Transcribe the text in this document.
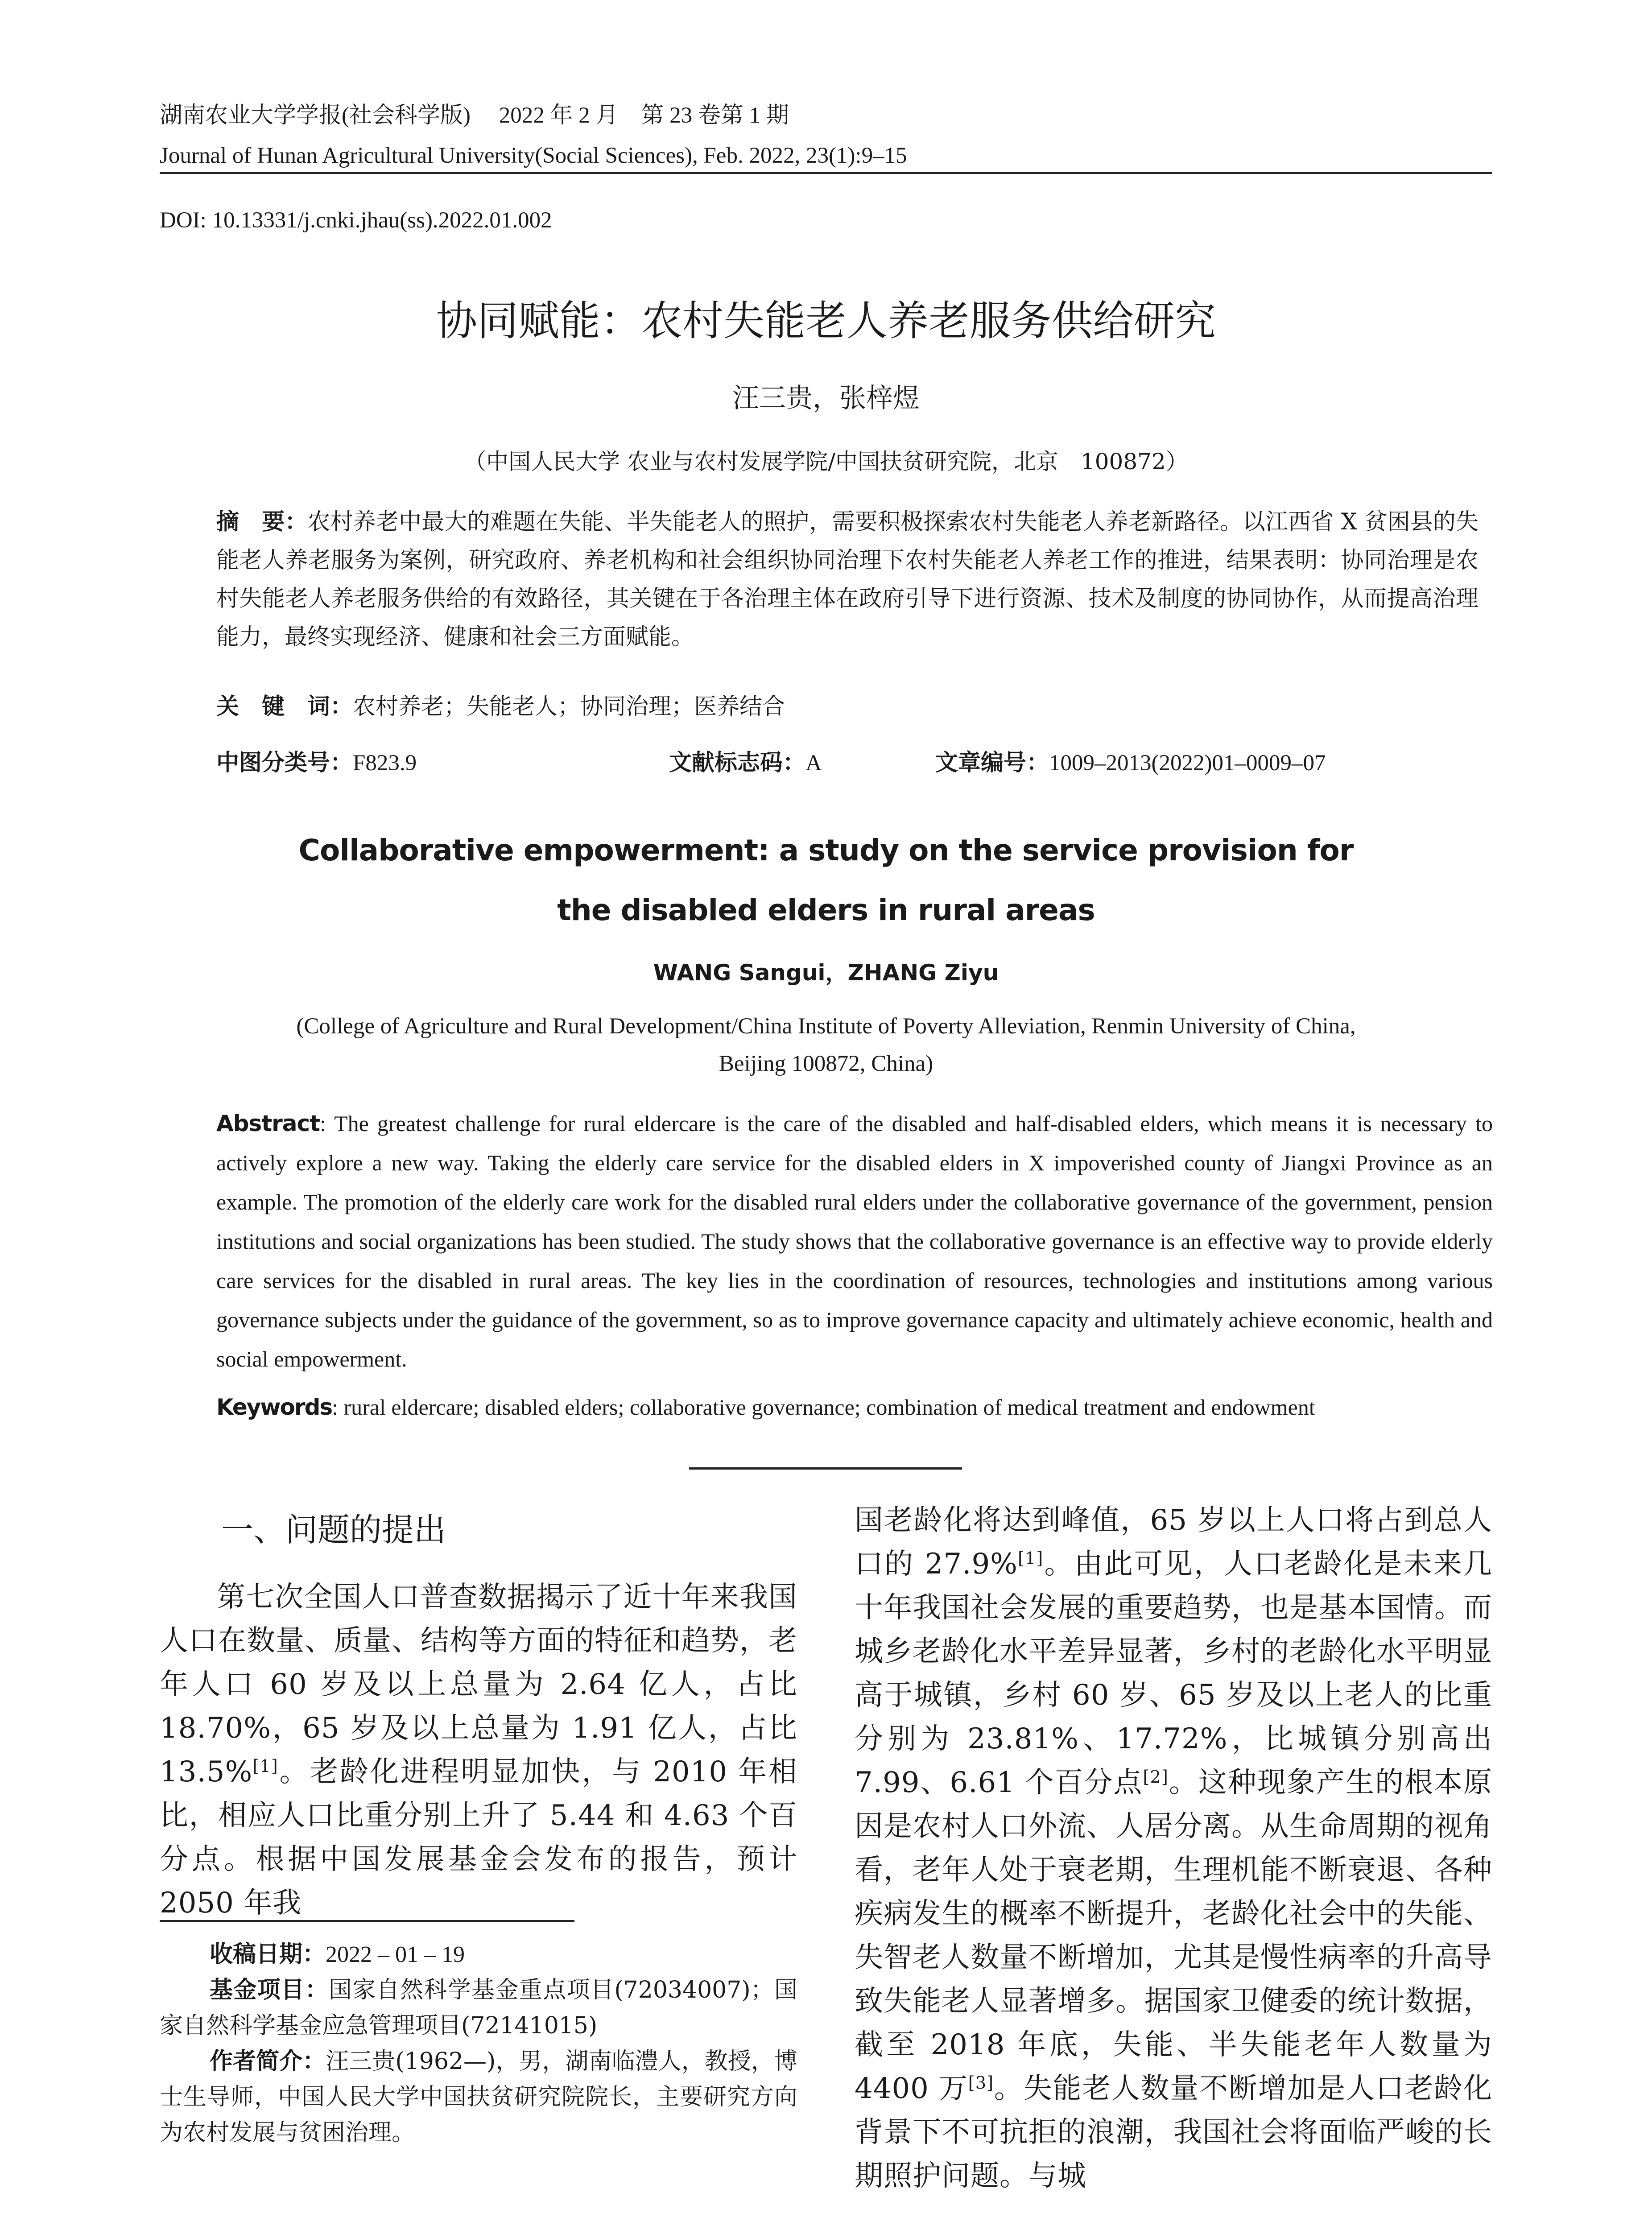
湖南农业大学学报(社会科学版)　 2022 年 2 月　第 23 卷第 1 期
Journal of Hunan Agricultural University(Social Sciences), Feb. 2022, 23(1):9–15
DOI: 10.13331/j.cnki.jhau(ss).2022.01.002
协同赋能：农村失能老人养老服务供给研究
汪三贵，张梓煜
（中国人民大学 农业与农村发展学院/中国扶贫研究院，北京　100872）
摘　要：农村养老中最大的难题在失能、半失能老人的照护，需要积极探索农村失能老人养老新路径。以江西省 X 贫困县的失能老人养老服务为案例，研究政府、养老机构和社会组织协同治理下农村失能老人养老工作的推进，结果表明：协同治理是农村失能老人养老服务供给的有效路径，其关键在于各治理主体在政府引导下进行资源、技术及制度的协同协作，从而提高治理能力，最终实现经济、健康和社会三方面赋能。
关　键　词：农村养老；失能老人；协同治理；医养结合
中图分类号：F823.9	文献标志码：A	文章编号：1009–2013(2022)01–0009–07
Collaborative empowerment: a study on the service provision for
the disabled elders in rural areas
WANG Sangui，ZHANG Ziyu
(College of Agriculture and Rural Development/China Institute of Poverty Alleviation, Renmin University of China,
Beijing 100872, China)
Abstract: The greatest challenge for rural eldercare is the care of the disabled and half-disabled elders, which means it is necessary to actively explore a new way. Taking the elderly care service for the disabled elders in X impoverished county of Jiangxi Province as an example. The promotion of the elderly care work for the disabled rural elders under the collaborative governance of the government, pension institutions and social organizations has been studied. The study shows that the collaborative governance is an effective way to provide elderly care services for the disabled in rural areas. The key lies in the coordination of resources, technologies and institutions among various governance subjects under the guidance of the government, so as to improve governance capacity and ultimately achieve economic, health and social empowerment.
Keywords: rural eldercare; disabled elders; collaborative governance; combination of medical treatment and endowment
一、问题的提出
第七次全国人口普查数据揭示了近十年来我国人口在数量、质量、结构等方面的特征和趋势，老年人口 60 岁及以上总量为 2.64 亿人，占比 18.70%，65 岁及以上总量为 1.91 亿人，占比 13.5%[1]。老龄化进程明显加快，与 2010 年相比，相应人口比重分别上升了 5.44 和 4.63 个百分点。根据中国发展基金会发布的报告，预计 2050 年我
收稿日期：2022 – 01 – 19
基金项目：国家自然科学基金重点项目(72034007)；国家自然科学基金应急管理项目(72141015)
作者简介：汪三贵(1962—)，男，湖南临澧人，教授，博士生导师，中国人民大学中国扶贫研究院院长，主要研究方向为农村发展与贫困治理。
国老龄化将达到峰值，65 岁以上人口将占到总人口的 27.9%[1]。由此可见，人口老龄化是未来几十年我国社会发展的重要趋势，也是基本国情。而城乡老龄化水平差异显著，乡村的老龄化水平明显高于城镇，乡村 60 岁、65 岁及以上老人的比重分别为 23.81%、17.72%，比城镇分别高出 7.99、6.61 个百分点[2]。这种现象产生的根本原因是农村人口外流、人居分离。从生命周期的视角看，老年人处于衰老期，生理机能不断衰退、各种疾病发生的概率不断提升，老龄化社会中的失能、失智老人数量不断增加，尤其是慢性病率的升高导致失能老人显著增多。据国家卫健委的统计数据，截至 2018 年底，失能、半失能老年人数量为 4400 万[3]。失能老人数量不断增加是人口老龄化背景下不可抗拒的浪潮，我国社会将面临严峻的长期照护问题。与城
